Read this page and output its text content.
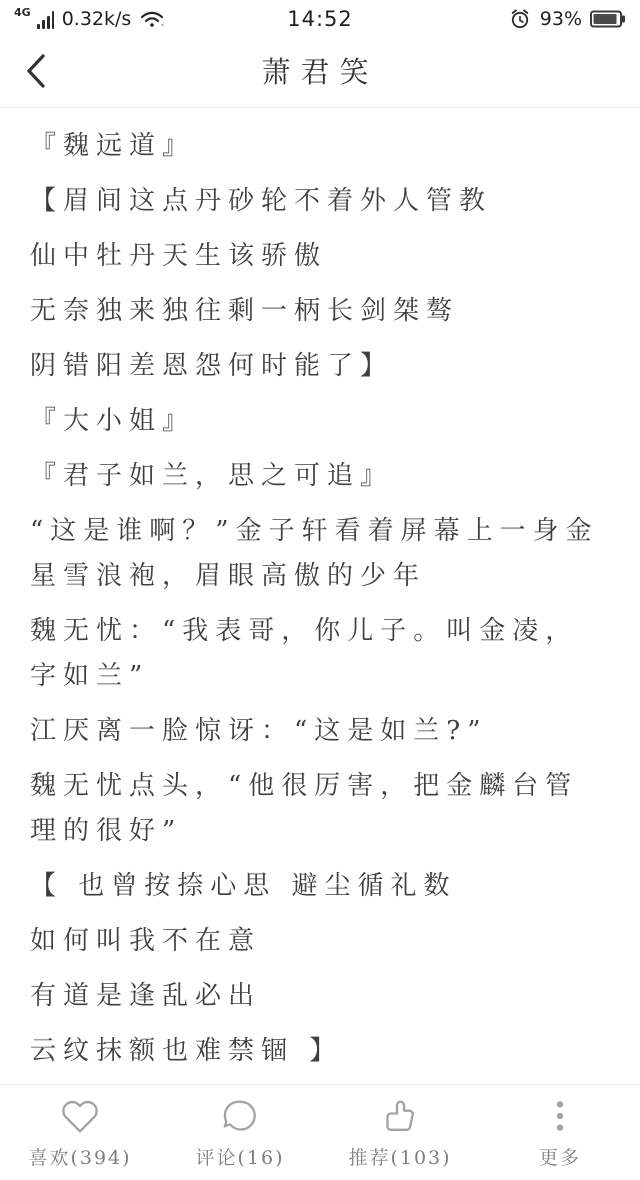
4G 0.32k/s	14:52	93%
萧君笑

『魏远道』

【眉间这点丹砂轮不着外人管教

仙中牡丹天生该骄傲

无奈独来独往剩一柄长剑桀骜

阴错阳差恩怨何时能了】

『大小姐』

『君子如兰，思之可追』

“这是谁啊？”金子轩看着屏幕上一身金星雪浪袍，眉眼高傲的少年

魏无忧：“我表哥，你儿子。叫金凌，字如兰”

江厌离一脸惊讶：“这是如兰?”

魏无忧点头，“他很厉害，把金麟台管理的很好”

【 也曾按捺心思 避尘循礼数

如何叫我不在意

有道是逢乱必出

云纹抹额也难禁锢 】

喜欢(394)	评论(16)	推荐(103)	更多
